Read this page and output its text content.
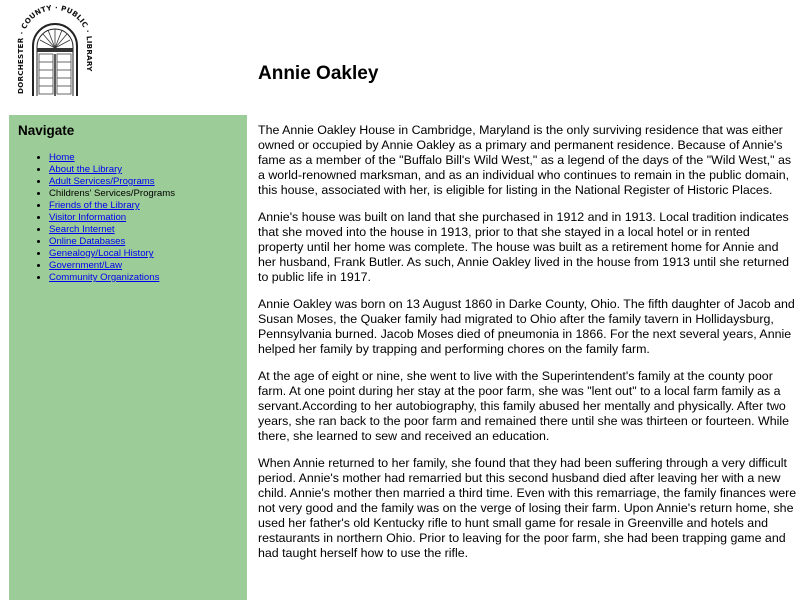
DORCHESTER · COUNTY · PUBLIC · LIBRARY	Annie Oakley
Navigate
• Home
• About the Library
• Adult Services/Programs
• Childrens' Services/Programs
• Friends of the Library
• Visitor Information
• Search Internet
• Online Databases
• Genealogy/Local History
• Government/Law
• Community Organizations

The Annie Oakley House in Cambridge, Maryland is the only surviving residence that was either owned or occupied by Annie Oakley as a primary and permanent residence. Because of Annie's fame as a member of the "Buffalo Bill's Wild West," as a legend of the days of the "Wild West," as a world-renowned marksman, and as an individual who continues to remain in the public domain, this house, associated with her, is eligible for listing in the National Register of Historic Places.

Annie's house was built on land that she purchased in 1912 and in 1913. Local tradition indicates that she moved into the house in 1913, prior to that she stayed in a local hotel or in rented property until her home was complete. The house was built as a retirement home for Annie and her husband, Frank Butler. As such, Annie Oakley lived in the house from 1913 until she returned to public life in 1917.

Annie Oakley was born on 13 August 1860 in Darke County, Ohio. The fifth daughter of Jacob and Susan Moses, the Quaker family had migrated to Ohio after the family tavern in Hollidaysburg, Pennsylvania burned. Jacob Moses died of pneumonia in 1866. For the next several years, Annie helped her family by trapping and performing chores on the family farm.

At the age of eight or nine, she went to live with the Superintendent's family at the county poor farm. At one point during her stay at the poor farm, she was "lent out" to a local farm family as a servant.According to her autobiography, this family abused her mentally and physically. After two years, she ran back to the poor farm and remained there until she was thirteen or fourteen. While there, she learned to sew and received an education.

When Annie returned to her family, she found that they had been suffering through a very difficult period. Annie's mother had remarried but this second husband died after leaving her with a new child. Annie's mother then married a third time. Even with this remarriage, the family finances were not very good and the family was on the verge of losing their farm. Upon Annie's return home, she used her father's old Kentucky rifle to hunt small game for resale in Greenville and hotels and restaurants in northern Ohio. Prior to leaving for the poor farm, she had been trapping game and had taught herself how to use the rifle.
